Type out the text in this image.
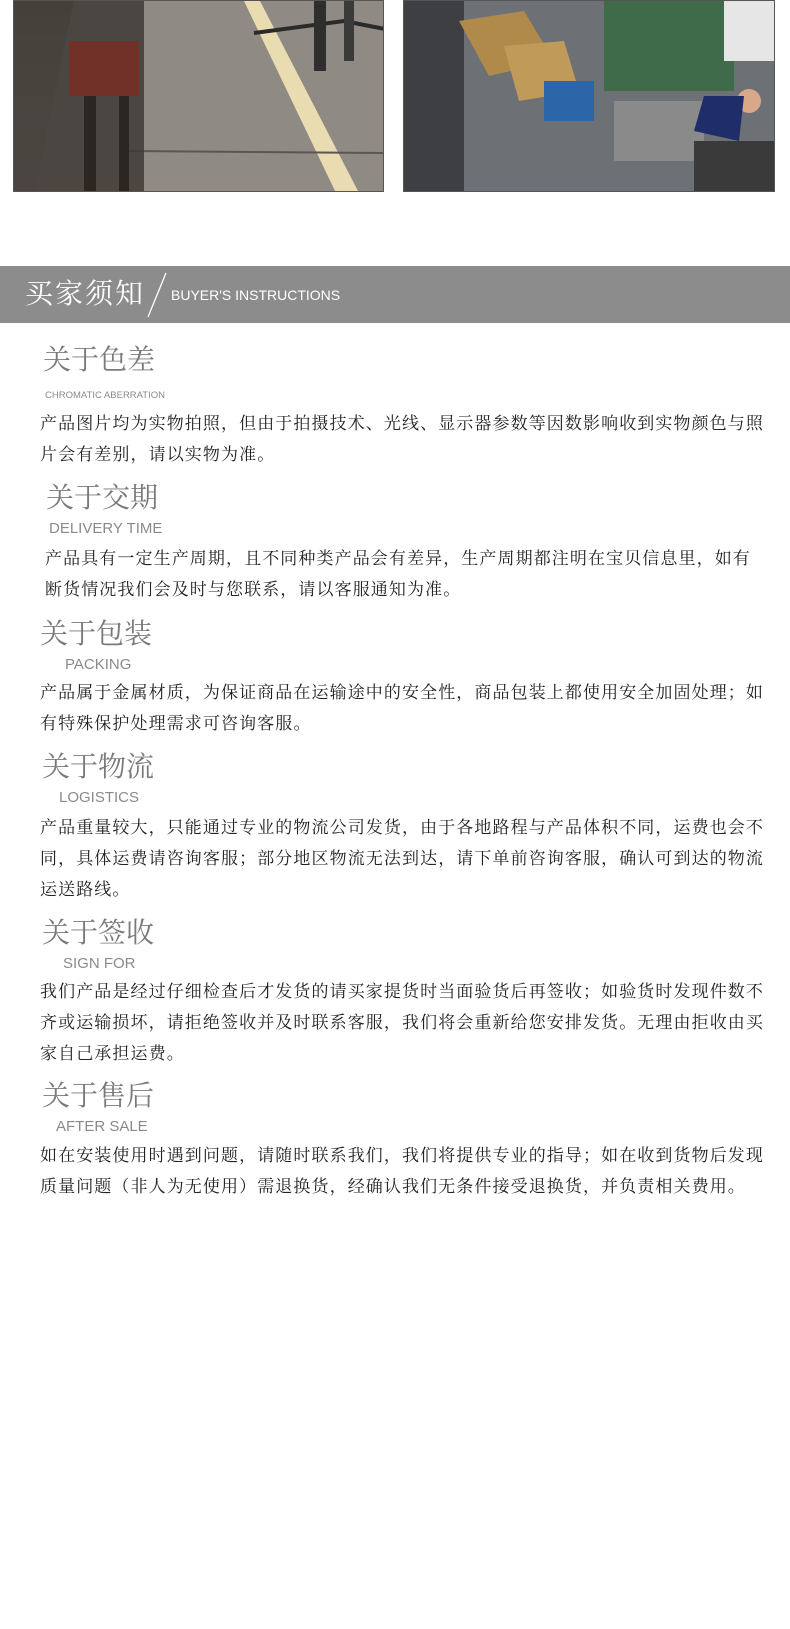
买家须知 BUYER'S INSTRUCTIONS
关于色差
CHROMATIC ABERRATION

产品图片均为实物拍照，但由于拍摄技术、光线、显示器参数等因数影响收到实物颜色与照片会有差别，请以实物为准。

关于交期
DELIVERY TIME

产品具有一定生产周期，且不同种类产品会有差异，生产周期都注明在宝贝信息里，如有断货情况我们会及时与您联系，请以客服通知为准。

关于包装
PACKING

产品属于金属材质，为保证商品在运输途中的安全性，商品包装上都使用安全加固处理；如有特殊保护处理需求可咨询客服。

关于物流
LOGISTICS

产品重量较大，只能通过专业的物流公司发货，由于各地路程与产品体积不同，运费也会不同，具体运费请咨询客服；部分地区物流无法到达，请下单前咨询客服，确认可到达的物流运送路线。

关于签收
SIGN FOR

我们产品是经过仔细检查后才发货的请买家提货时当面验货后再签收；如验货时发现件数不齐或运输损坏，请拒绝签收并及时联系客服，我们将会重新给您安排发货。无理由拒收由买家自己承担运费。

关于售后
AFTER SALE

如在安装使用时遇到问题，请随时联系我们，我们将提供专业的指导；如在收到货物后发现质量问题（非人为无使用）需退换货，经确认我们无条件接受退换货，并负责相关费用。
